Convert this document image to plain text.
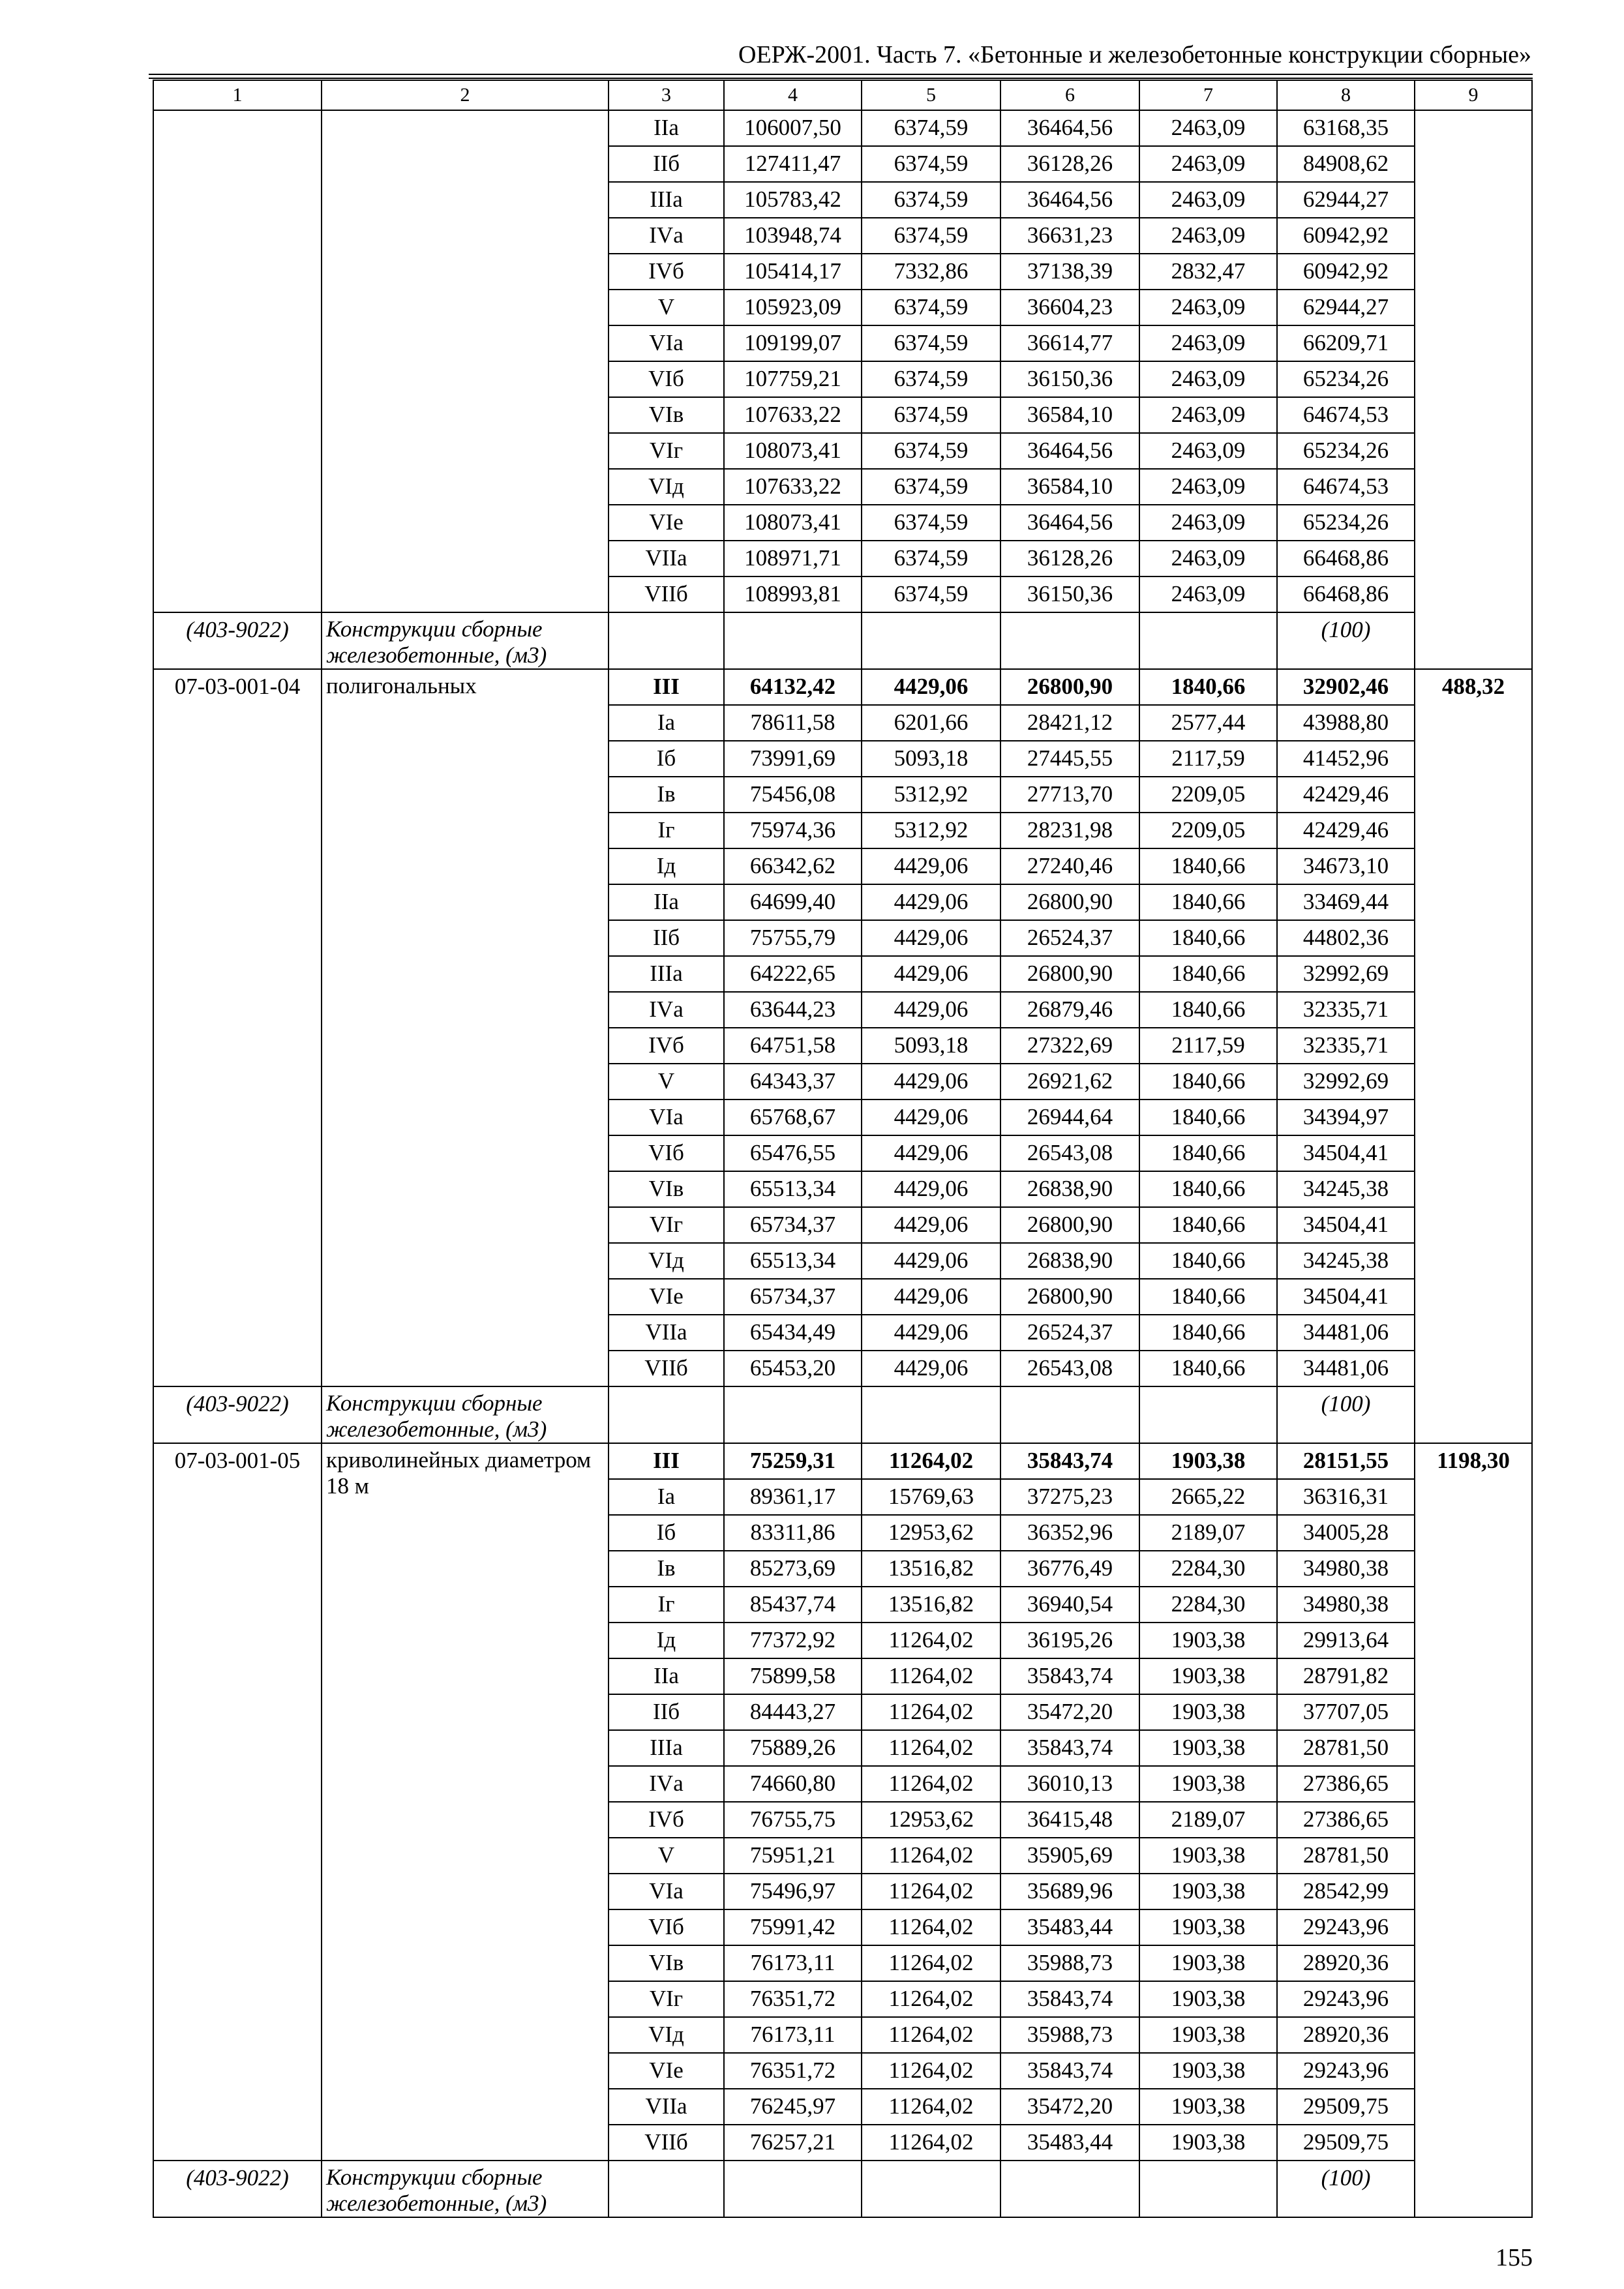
ОЕРЖ-2001. Часть 7. «Бетонные и железобетонные конструкции сборные»
1	2	3	4	5	6	7	8	9
		IIа	106007,50	6374,59	36464,56	2463,09	63168,35	
		IIб	127411,47	6374,59	36128,26	2463,09	84908,62	
		IIIа	105783,42	6374,59	36464,56	2463,09	62944,27	
		IVа	103948,74	6374,59	36631,23	2463,09	60942,92	
		IVб	105414,17	7332,86	37138,39	2832,47	60942,92	
		V	105923,09	6374,59	36604,23	2463,09	62944,27	
		VIа	109199,07	6374,59	36614,77	2463,09	66209,71	
		VIб	107759,21	6374,59	36150,36	2463,09	65234,26	
		VIв	107633,22	6374,59	36584,10	2463,09	64674,53	
		VIг	108073,41	6374,59	36464,56	2463,09	65234,26	
		VIд	107633,22	6374,59	36584,10	2463,09	64674,53	
		VIе	108073,41	6374,59	36464,56	2463,09	65234,26	
		VIIа	108971,71	6374,59	36128,26	2463,09	66468,86	
		VIIб	108993,81	6374,59	36150,36	2463,09	66468,86	
(403-9022)	Конструкции сборные железобетонные, (м3)						(100)	
07-03-001-04	полигональных	III	64132,42	4429,06	26800,90	1840,66	32902,46	488,32
		Iа	78611,58	6201,66	28421,12	2577,44	43988,80	
		Iб	73991,69	5093,18	27445,55	2117,59	41452,96	
		Iв	75456,08	5312,92	27713,70	2209,05	42429,46	
		Iг	75974,36	5312,92	28231,98	2209,05	42429,46	
		Iд	66342,62	4429,06	27240,46	1840,66	34673,10	
		IIа	64699,40	4429,06	26800,90	1840,66	33469,44	
		IIб	75755,79	4429,06	26524,37	1840,66	44802,36	
		IIIа	64222,65	4429,06	26800,90	1840,66	32992,69	
		IVа	63644,23	4429,06	26879,46	1840,66	32335,71	
		IVб	64751,58	5093,18	27322,69	2117,59	32335,71	
		V	64343,37	4429,06	26921,62	1840,66	32992,69	
		VIа	65768,67	4429,06	26944,64	1840,66	34394,97	
		VIб	65476,55	4429,06	26543,08	1840,66	34504,41	
		VIв	65513,34	4429,06	26838,90	1840,66	34245,38	
		VIг	65734,37	4429,06	26800,90	1840,66	34504,41	
		VIд	65513,34	4429,06	26838,90	1840,66	34245,38	
		VIе	65734,37	4429,06	26800,90	1840,66	34504,41	
		VIIа	65434,49	4429,06	26524,37	1840,66	34481,06	
		VIIб	65453,20	4429,06	26543,08	1840,66	34481,06	
(403-9022)	Конструкции сборные железобетонные, (м3)						(100)	
07-03-001-05	криволинейных диаметром 18 м	III	75259,31	11264,02	35843,74	1903,38	28151,55	1198,30
		Iа	89361,17	15769,63	37275,23	2665,22	36316,31	
		Iб	83311,86	12953,62	36352,96	2189,07	34005,28	
		Iв	85273,69	13516,82	36776,49	2284,30	34980,38	
		Iг	85437,74	13516,82	36940,54	2284,30	34980,38	
		Iд	77372,92	11264,02	36195,26	1903,38	29913,64	
		IIа	75899,58	11264,02	35843,74	1903,38	28791,82	
		IIб	84443,27	11264,02	35472,20	1903,38	37707,05	
		IIIа	75889,26	11264,02	35843,74	1903,38	28781,50	
		IVа	74660,80	11264,02	36010,13	1903,38	27386,65	
		IVб	76755,75	12953,62	36415,48	2189,07	27386,65	
		V	75951,21	11264,02	35905,69	1903,38	28781,50	
		VIа	75496,97	11264,02	35689,96	1903,38	28542,99	
		VIб	75991,42	11264,02	35483,44	1903,38	29243,96	
		VIв	76173,11	11264,02	35988,73	1903,38	28920,36	
		VIг	76351,72	11264,02	35843,74	1903,38	29243,96	
		VIд	76173,11	11264,02	35988,73	1903,38	28920,36	
		VIе	76351,72	11264,02	35843,74	1903,38	29243,96	
		VIIа	76245,97	11264,02	35472,20	1903,38	29509,75	
		VIIб	76257,21	11264,02	35483,44	1903,38	29509,75	
(403-9022)	Конструкции сборные железобетонные, (м3)						(100)	
155
